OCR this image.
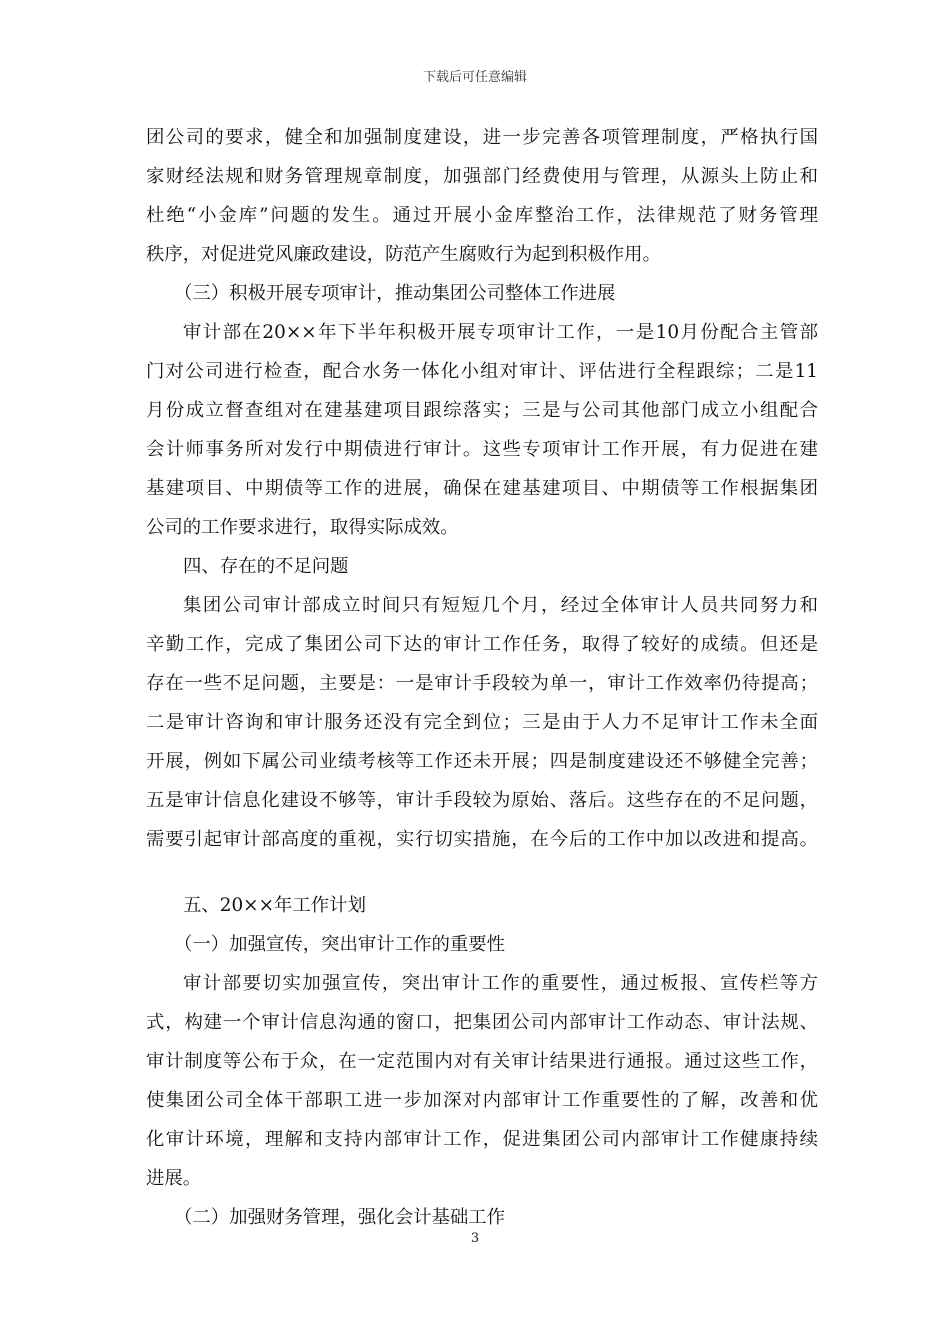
下载后可任意编辑
团公司的要求，健全和加强制度建设，进一步完善各项管理制度，严格执行国
家财经法规和财务管理规章制度，加强部门经费使用与管理，从源头上防止和
杜绝“小金库”问题的发生。通过开展小金库整治工作，法律规范了财务管理
秩序，对促进党风廉政建设，防范产生腐败行为起到积极作用。
（三）积极开展专项审计，推动集团公司整体工作进展
审计部在20××年下半年积极开展专项审计工作，一是10月份配合主管部
门对公司进行检查，配合水务一体化小组对审计、评估进行全程跟综；二是11
月份成立督查组对在建基建项目跟综落实；三是与公司其他部门成立小组配合
会计师事务所对发行中期债进行审计。这些专项审计工作开展，有力促进在建
基建项目、中期债等工作的进展，确保在建基建项目、中期债等工作根据集团
公司的工作要求进行，取得实际成效。
四、存在的不足问题
集团公司审计部成立时间只有短短几个月，经过全体审计人员共同努力和
辛勤工作，完成了集团公司下达的审计工作任务，取得了较好的成绩。但还是
存在一些不足问题，主要是：一是审计手段较为单一，审计工作效率仍待提高；
二是审计咨询和审计服务还没有完全到位；三是由于人力不足审计工作未全面
开展，例如下属公司业绩考核等工作还未开展；四是制度建设还不够健全完善；
五是审计信息化建设不够等，审计手段较为原始、落后。这些存在的不足问题，
需要引起审计部高度的重视，实行切实措施，在今后的工作中加以改进和提高。
五、20××年工作计划
（一）加强宣传，突出审计工作的重要性
审计部要切实加强宣传，突出审计工作的重要性，通过板报、宣传栏等方
式，构建一个审计信息沟通的窗口，把集团公司内部审计工作动态、审计法规、
审计制度等公布于众，在一定范围内对有关审计结果进行通报。通过这些工作，
使集团公司全体干部职工进一步加深对内部审计工作重要性的了解，改善和优
化审计环境，理解和支持内部审计工作，促进集团公司内部审计工作健康持续
进展。
（二）加强财务管理，强化会计基础工作
3
